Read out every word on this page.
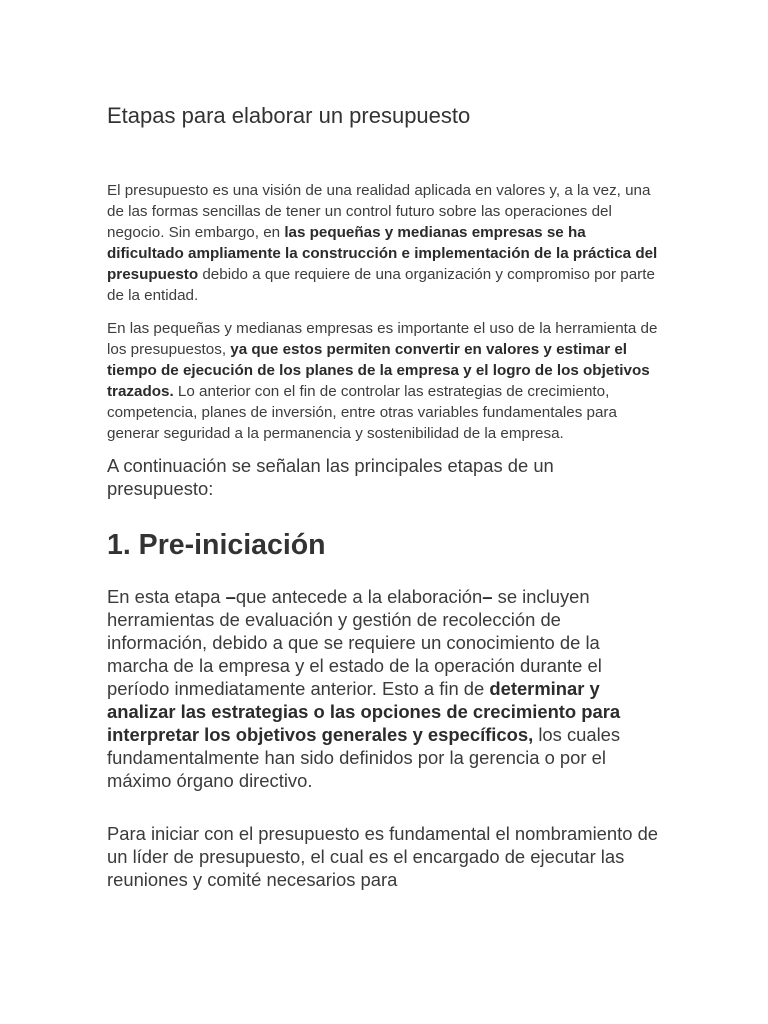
Etapas para elaborar un presupuesto

El presupuesto es una visión de una realidad aplicada en valores y, a la vez, una de las formas sencillas de tener un control futuro sobre las operaciones del negocio. Sin embargo, en las pequeñas y medianas empresas se ha dificultado ampliamente la construcción e implementación de la práctica del presupuesto debido a que requiere de una organización y compromiso por parte de la entidad.

En las pequeñas y medianas empresas es importante el uso de la herramienta de los presupuestos, ya que estos permiten convertir en valores y estimar el tiempo de ejecución de los planes de la empresa y el logro de los objetivos trazados. Lo anterior con el fin de controlar las estrategias de crecimiento, competencia, planes de inversión, entre otras variables fundamentales para generar seguridad a la permanencia y sostenibilidad de la empresa.

A continuación se señalan las principales etapas de un presupuesto:

1. Pre-iniciación

En esta etapa –que antecede a la elaboración– se incluyen herramientas de evaluación y gestión de recolección de información, debido a que se requiere un conocimiento de la marcha de la empresa y el estado de la operación durante el período inmediatamente anterior. Esto a fin de determinar y analizar las estrategias o las opciones de crecimiento para interpretar los objetivos generales y específicos, los cuales fundamentalmente han sido definidos por la gerencia o por el máximo órgano directivo.

Para iniciar con el presupuesto es fundamental el nombramiento de un líder de presupuesto, el cual es el encargado de ejecutar las reuniones y comité necesarios para
